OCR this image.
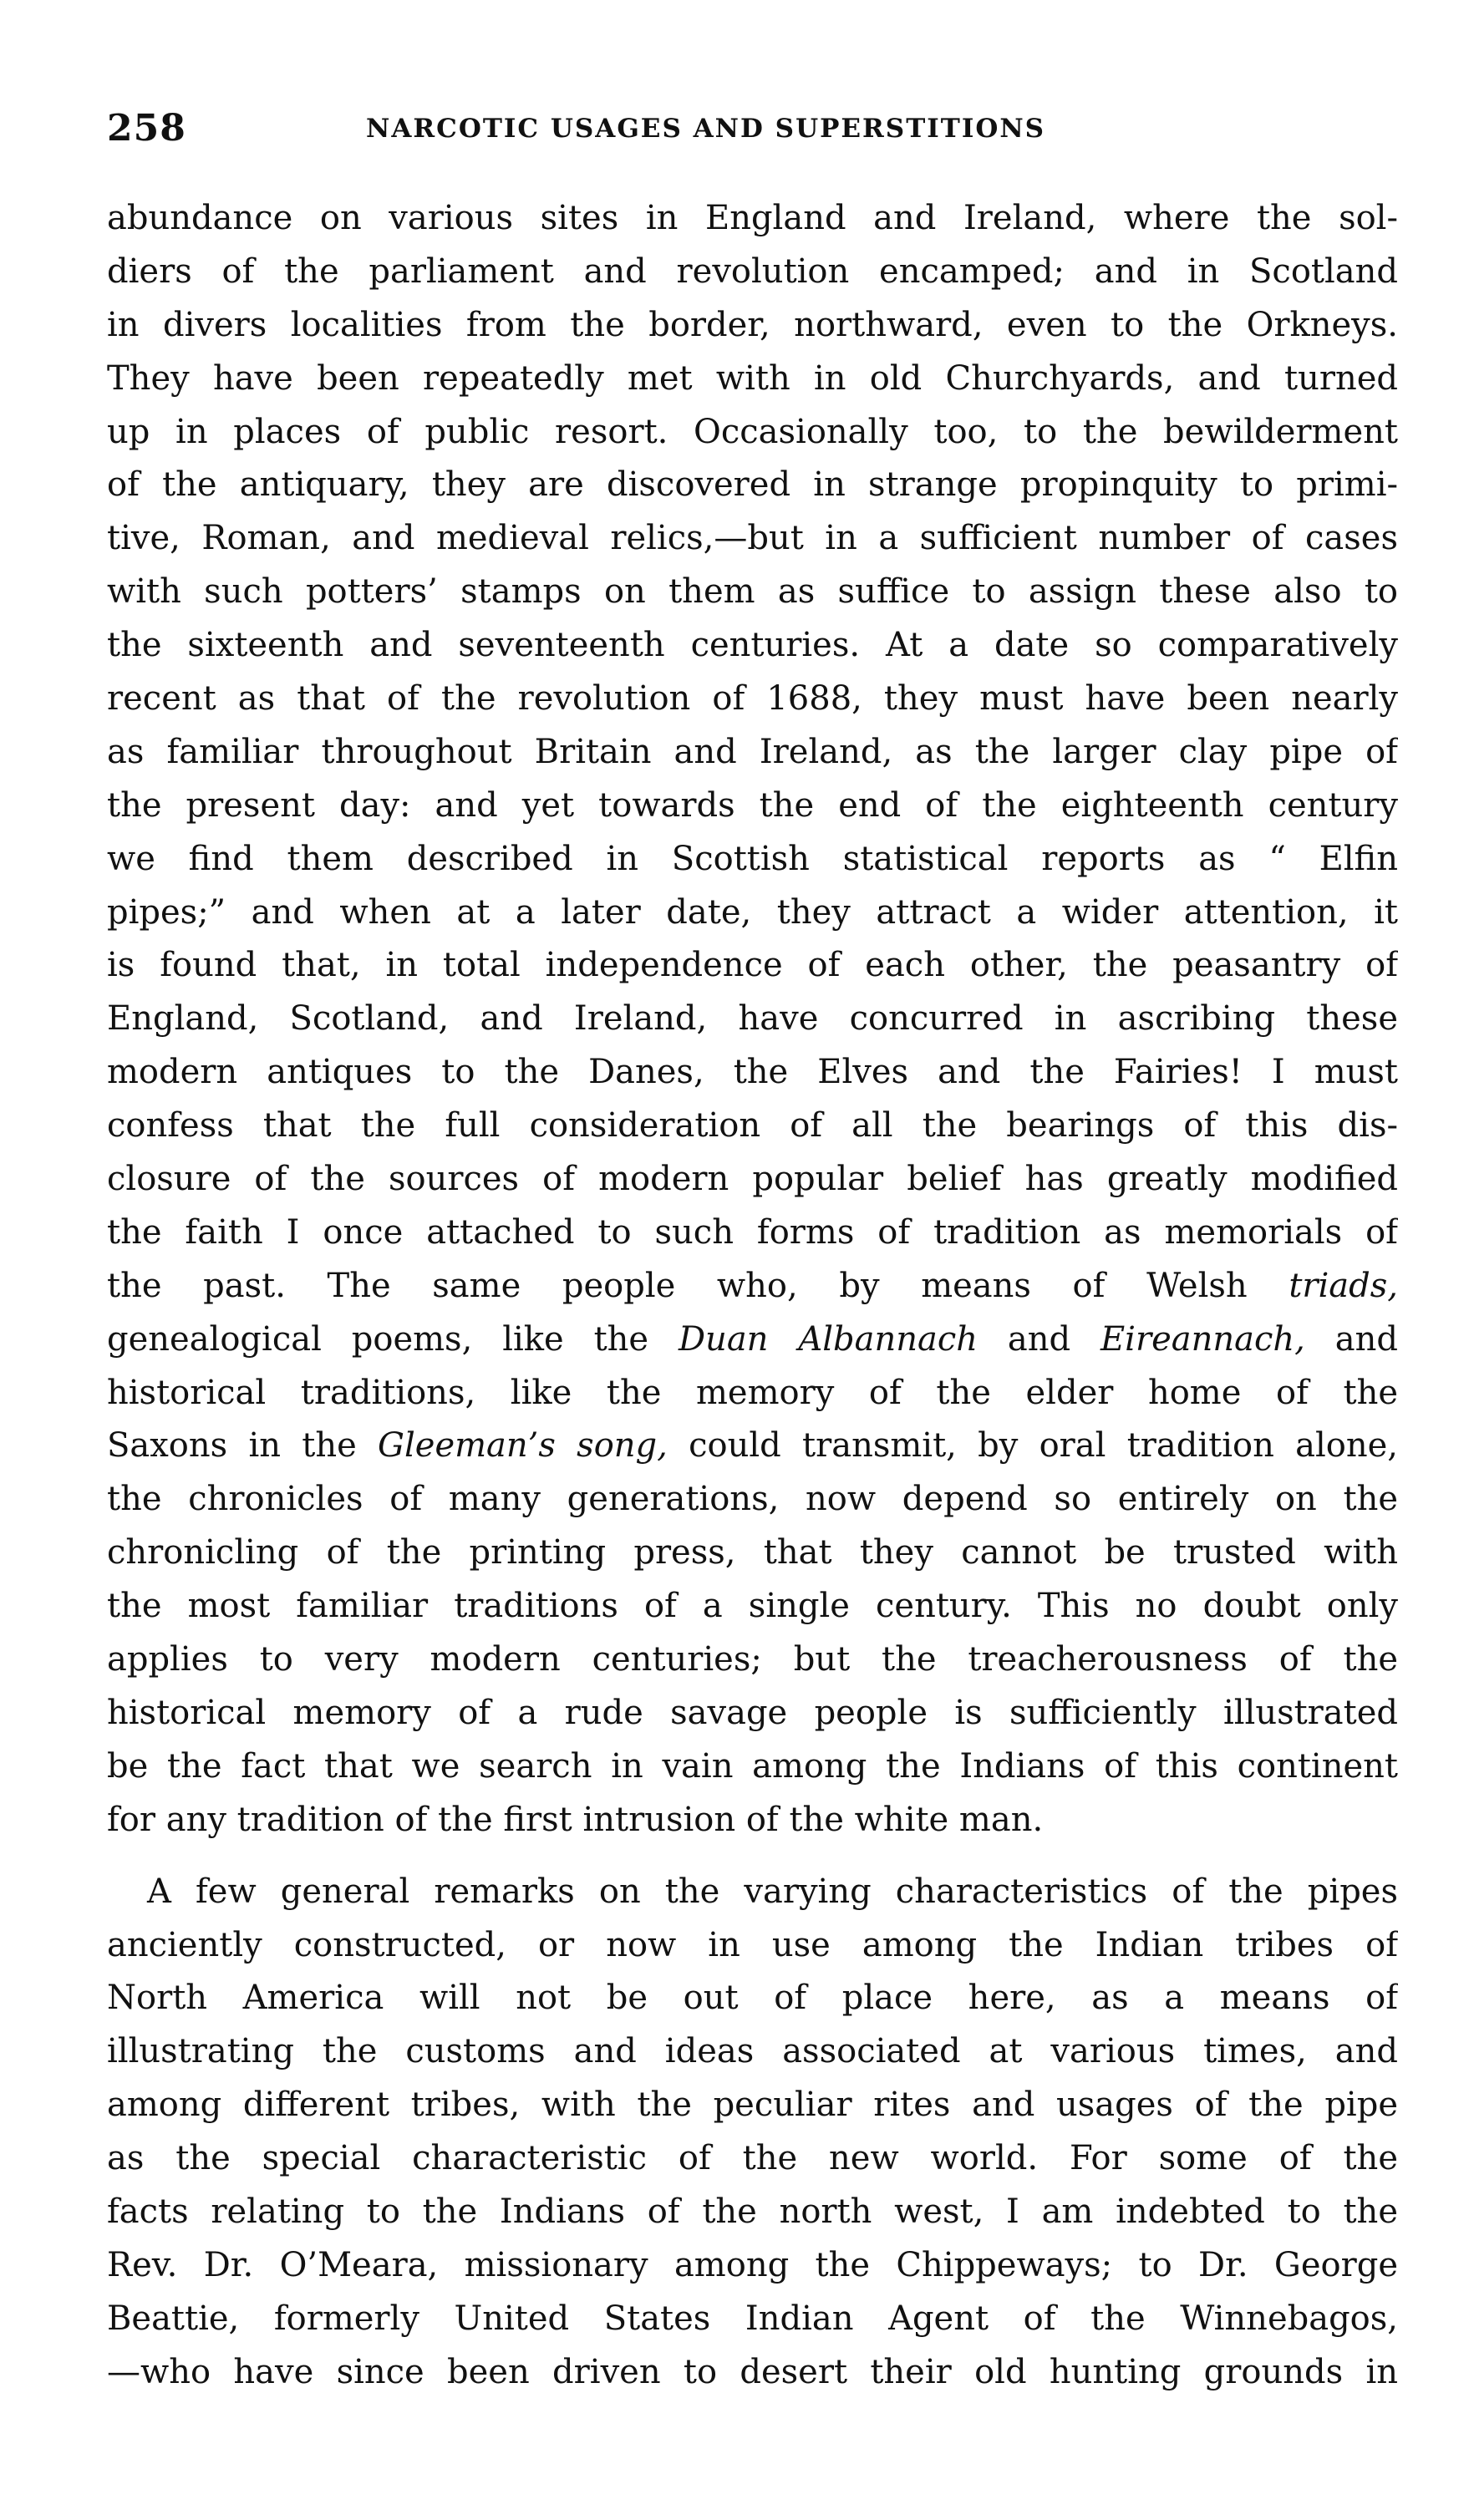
258	NARCOTIC USAGES AND SUPERSTITIONS
abundance on various sites in England and Ireland, where the sol-
diers of the parliament and revolution encamped; and in Scotland
in divers localities from the border, northward, even to the Orkneys.
They have been repeatedly met with in old Churchyards, and turned
up in places of public resort. Occasionally too, to the bewilderment
of the antiquary, they are discovered in strange propinquity to primi-
tive, Roman, and medieval relics,—but in a sufficient number of cases
with such potters’ stamps on them as suffice to assign these also to
the sixteenth and seventeenth centuries. At a date so comparatively
recent as that of the revolution of 1688, they must have been nearly
as familiar throughout Britain and Ireland, as the larger clay pipe of
the present day: and yet towards the end of the eighteenth century
we find them described in Scottish statistical reports as “ Elfin
pipes;” and when at a later date, they attract a wider attention, it
is found that, in total independence of each other, the peasantry of
England, Scotland, and Ireland, have concurred in ascribing these
modern antiques to the Danes, the Elves and the Fairies! I must
confess that the full consideration of all the bearings of this dis-
closure of the sources of modern popular belief has greatly modified
the faith I once attached to such forms of tradition as memorials of
the past. The same people who, by means of Welsh triads,
genealogical poems, like the Duan Albannach and Eireannach, and
historical traditions, like the memory of the elder home of the
Saxons in the Gleeman’s song, could transmit, by oral tradition alone,
the chronicles of many generations, now depend so entirely on the
chronicling of the printing press, that they cannot be trusted with
the most familiar traditions of a single century. This no doubt only
applies to very modern centuries; but the treacherousness of the
historical memory of a rude savage people is sufficiently illustrated
be the fact that we search in vain among the Indians of this continent
for any tradition of the first intrusion of the white man.
A few general remarks on the varying characteristics of the pipes
anciently constructed, or now in use among the Indian tribes of
North America will not be out of place here, as a means of
illustrating the customs and ideas associated at various times, and
among different tribes, with the peculiar rites and usages of the pipe
as the special characteristic of the new world. For some of the
facts relating to the Indians of the north west, I am indebted to the
Rev. Dr. O’Meara, missionary among the Chippeways; to Dr. George
Beattie, formerly United States Indian Agent of the Winnebagos,
—who have since been driven to desert their old hunting grounds in
